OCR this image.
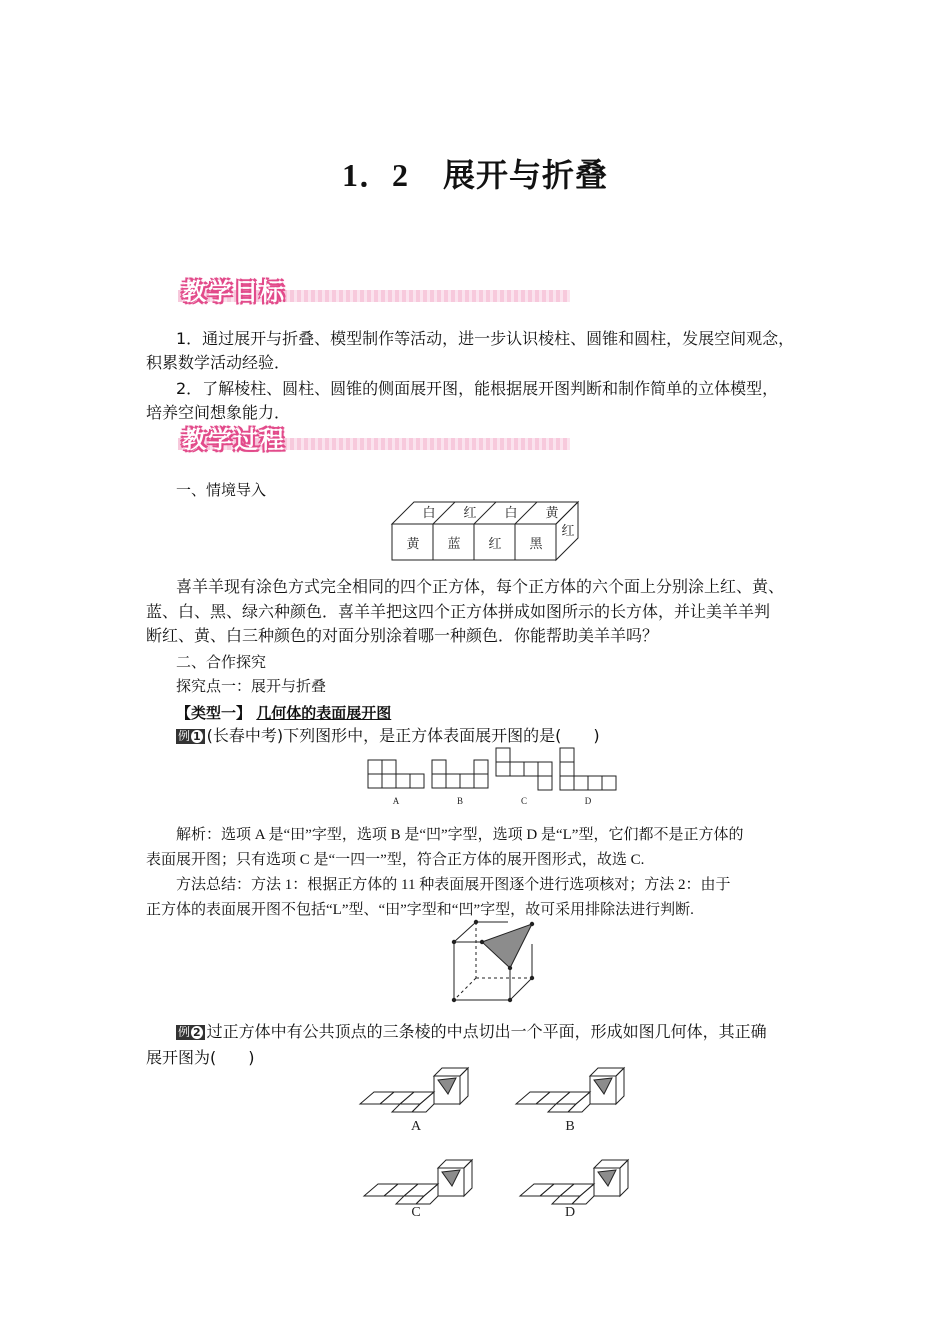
1．2 展开与折叠
教学目标
1．通过展开与折叠、模型制作等活动，进一步认识棱柱、圆锥和圆柱，发展空间观念，
积累数学活动经验．
2．了解棱柱、圆柱、圆锥的侧面展开图，能根据展开图判断和制作简单的立体模型，
培养空间想象能力．
教学过程
一、情境导入
白 红 白 黄
黄 蓝 红 黑
红
喜羊羊现有涂色方式完全相同的四个正方体，每个正方体的六个面上分别涂上红、黄、
蓝、白、黑、绿六种颜色．喜羊羊把这四个正方体拼成如图所示的长方体，并让美羊羊判
断红、黄、白三种颜色的对面分别涂着哪一种颜色．你能帮助美羊羊吗？
二、合作探究
探究点一：展开与折叠
【类型一】 几何体的表面展开图
例 1 (长春中考)下列图形中，是正方体表面展开图的是(　　)
A	B	C	D
解析：选项 A 是“田”字型，选项 B 是“凹”字型，选项 D 是“L”型，它们都不是正方体的
表面展开图；只有选项 C 是“一四一”型，符合正方体的展开图形式，故选 C.
方法总结：方法 1：根据正方体的 11 种表面展开图逐个进行选项核对；方法 2：由于
正方体的表面展开图不包括“L”型、“田”字型和“凹”字型，故可采用排除法进行判断.
例 2 过正方体中有公共顶点的三条棱的中点切出一个平面，形成如图几何体，其正确
展开图为(　　)
A	B
C	D
